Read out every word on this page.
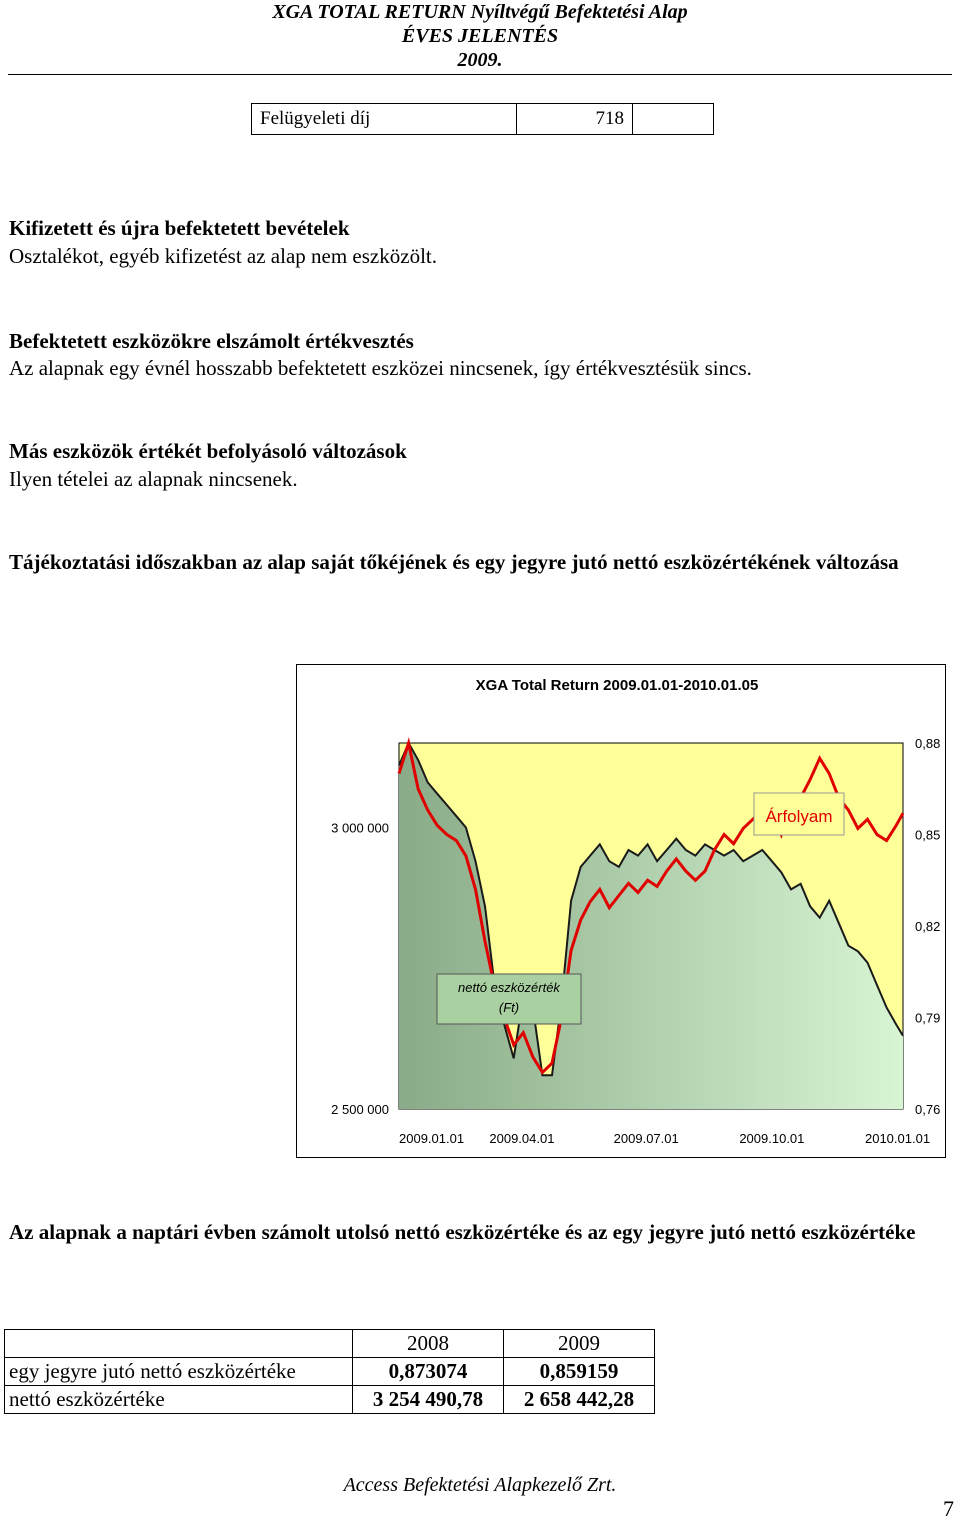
XGA TOTAL RETURN Nyíltvégű Befektetési Alap
ÉVES JELENTÉS
2009.
Felügyeleti díj	718	
Kifizetett és újra befektetett bevételek
Osztalékot, egyéb kifizetést az alap nem eszközölt.
Befektetett eszközökre elszámolt értékvesztés
Az alapnak egy évnél hosszabb befektetett eszközei nincsenek, így értékvesztésük sincs.
Más eszközök értékét befolyásoló változások
Ilyen tételei az alapnak nincsenek.
Tájékoztatási időszakban az alap saját tőkéjének és egy jegyre jutó nettó eszközértékének változása
XGA Total Return 2009.01.01-2010.01.05
3 000 000
2 500 000
0,88
0,85
0,82
0,79
0,76
2009.01.01 2009.04.01	2009.07.01	2009.10.01	2010.01.01
nettó eszközérték
(Ft)
Árfolyam
Az alapnak a naptári évben számolt utolsó nettó eszközértéke és az egy jegyre jutó nettó eszközértéke
	2008	2009
egy jegyre jutó nettó eszközértéke	0,873074	0,859159
nettó eszközértéke	3 254 490,78	2 658 442,28
Access Befektetési Alapkezelő Zrt.
7
